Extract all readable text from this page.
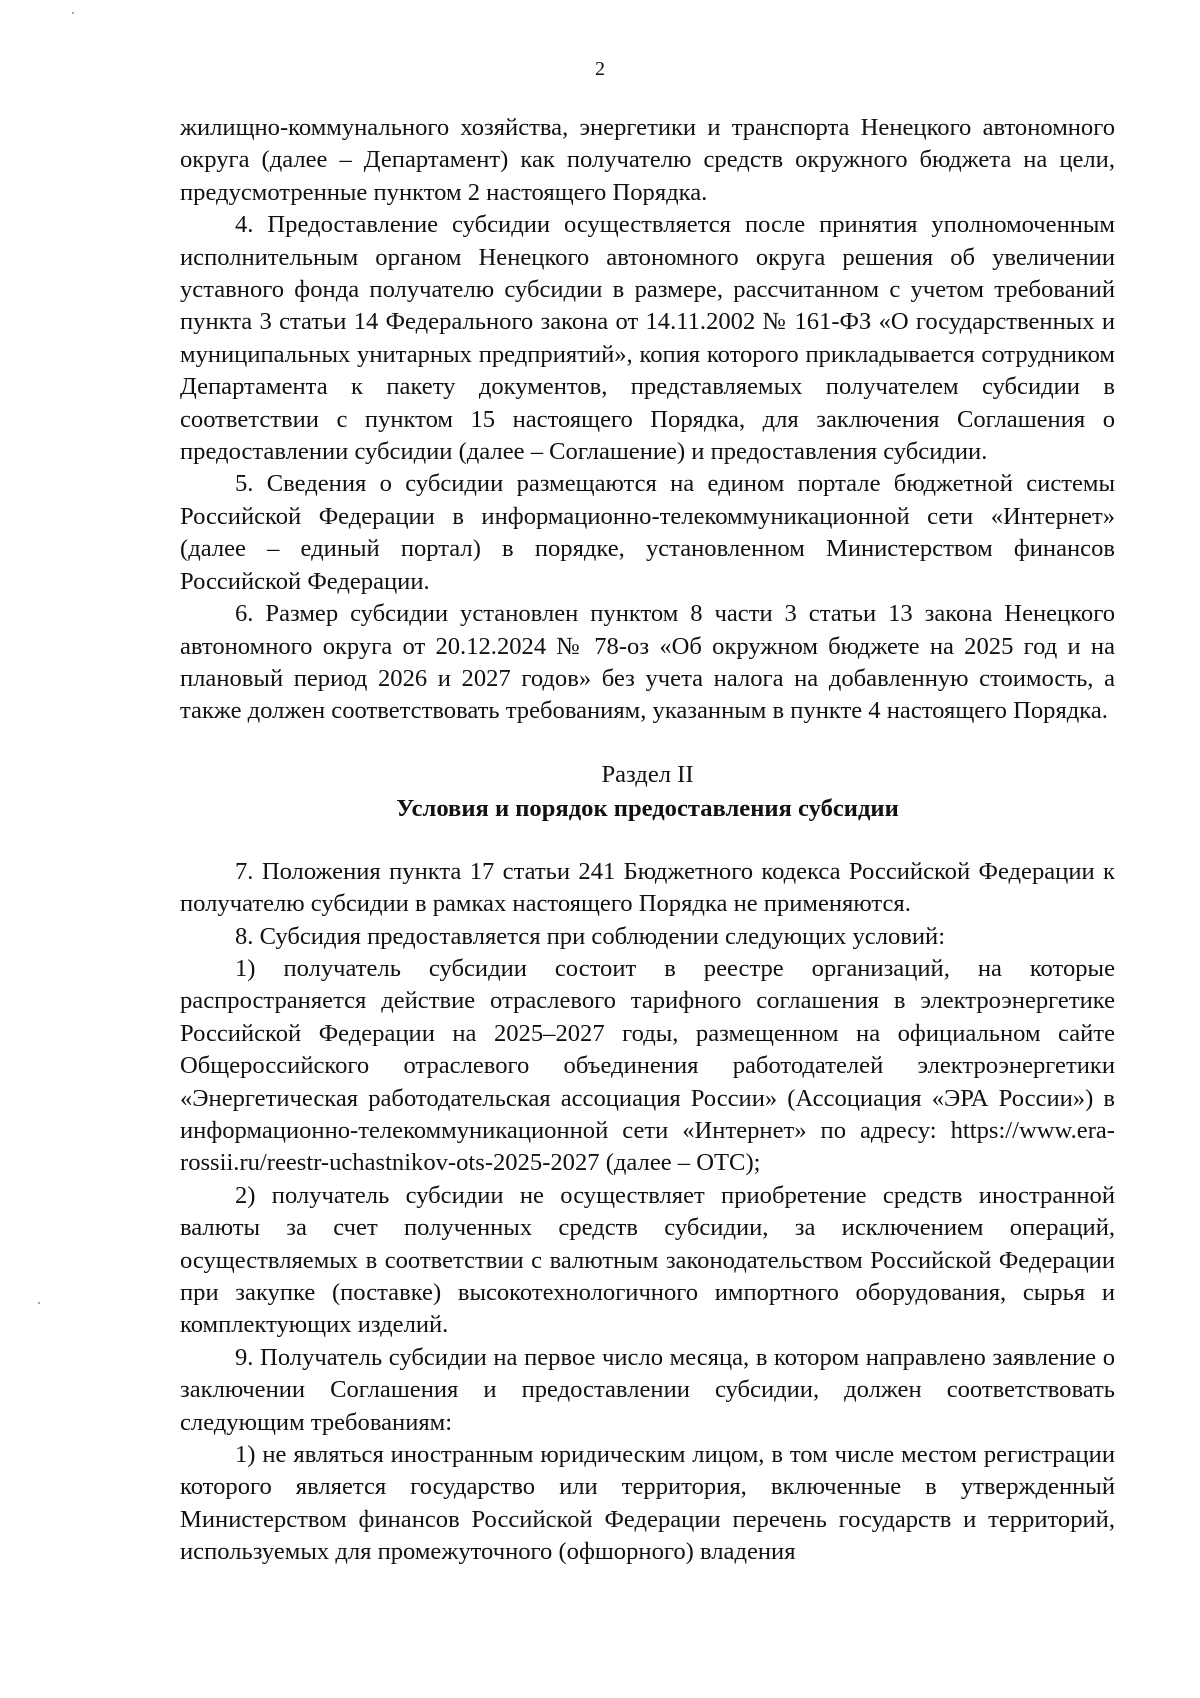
2

жилищно-коммунального хозяйства, энергетики и транспорта Ненецкого автономного округа (далее – Департамент) как получателю средств окружного бюджета на цели, предусмотренные пунктом 2 настоящего Порядка.

4. Предоставление субсидии осуществляется после принятия уполномоченным исполнительным органом Ненецкого автономного округа решения об увеличении уставного фонда получателю субсидии в размере, рассчитанном с учетом требований пункта 3 статьи 14 Федерального закона от 14.11.2002 № 161-ФЗ «О государственных и муниципальных унитарных предприятий», копия которого прикладывается сотрудником Департамента к пакету документов, представляемых получателем субсидии в соответствии с пунктом 15 настоящего Порядка, для заключения Соглашения о предоставлении субсидии (далее – Соглашение) и предоставления субсидии.

5. Сведения о субсидии размещаются на едином портале бюджетной системы Российской Федерации в информационно-телекоммуникационной сети «Интернет» (далее – единый портал) в порядке, установленном Министерством финансов Российской Федерации.

6. Размер субсидии установлен пунктом 8 части 3 статьи 13 закона Ненецкого автономного округа от 20.12.2024 № 78-оз «Об окружном бюджете на 2025 год и на плановый период 2026 и 2027 годов» без учета налога на добавленную стоимость, а также должен соответствовать требованиям, указанным в пункте 4 настоящего Порядка.

Раздел II
Условия и порядок предоставления субсидии

7. Положения пункта 17 статьи 241 Бюджетного кодекса Российской Федерации к получателю субсидии в рамках настоящего Порядка не применяются.

8. Субсидия предоставляется при соблюдении следующих условий:

1) получатель субсидии состоит в реестре организаций, на которые распространяется действие отраслевого тарифного соглашения в электроэнергетике Российской Федерации на 2025–2027 годы, размещенном на официальном сайте Общероссийского отраслевого объединения работодателей электроэнергетики «Энергетическая работодательская ассоциация России» (Ассоциация «ЭРА России») в информационно-телекоммуникационной сети «Интернет» по адресу: https://www.era-rossii.ru/reestr-uchastnikov-ots-2025-2027 (далее – ОТС);

2) получатель субсидии не осуществляет приобретение средств иностранной валюты за счет полученных средств субсидии, за исключением операций, осуществляемых в соответствии с валютным законодательством Российской Федерации при закупке (поставке) высокотехнологичного импортного оборудования, сырья и комплектующих изделий.

9. Получатель субсидии на первое число месяца, в котором направлено заявление о заключении Соглашения и предоставлении субсидии, должен соответствовать следующим требованиям:

1) не являться иностранным юридическим лицом, в том числе местом регистрации которого является государство или территория, включенные в утвержденный Министерством финансов Российской Федерации перечень государств и территорий, используемых для промежуточного (офшорного) владения
